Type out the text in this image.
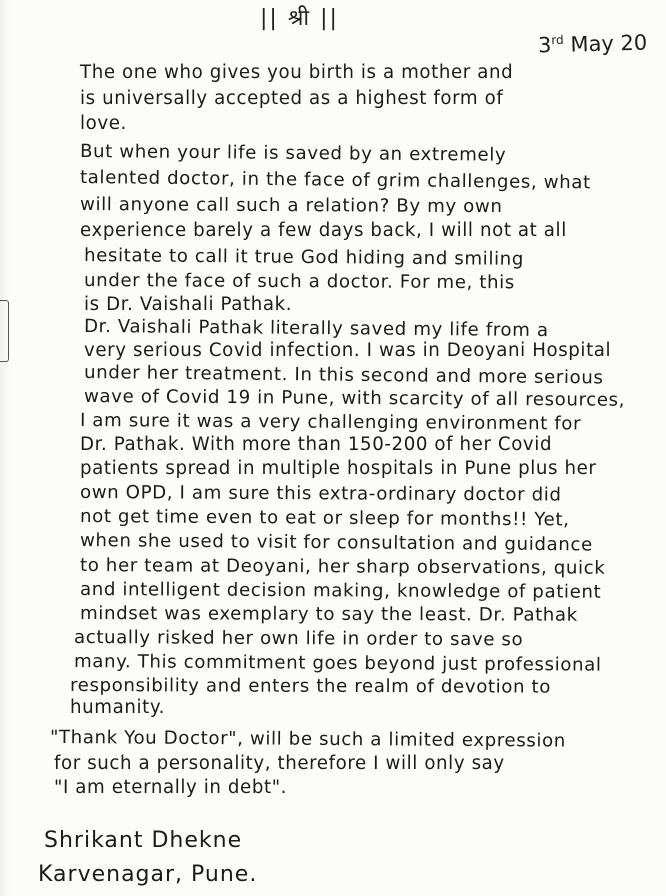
|| श्री ||
3rd May 20
The one who gives you birth is a mother and
is universally accepted as a highest form of
love.
But when your life is saved by an extremely
talented doctor, in the face of grim challenges, what
will anyone call such a relation? By my own
experience barely a few days back, I will not at all
hesitate to call it true God hiding and smiling
under the face of such a doctor. For me, this
is Dr. Vaishali Pathak.
Dr. Vaishali Pathak literally saved my life from a
very serious Covid infection. I was in Deoyani Hospital
under her treatment. In this second and more serious
wave of Covid 19 in Pune, with scarcity of all resources,
I am sure it was a very challenging environment for
Dr. Pathak. With more than 150-200 of her Covid
patients spread in multiple hospitals in Pune plus her
own OPD, I am sure this extra-ordinary doctor did
not get time even to eat or sleep for months!! Yet,
when she used to visit for consultation and guidance
to her team at Deoyani, her sharp observations, quick
and intelligent decision making, knowledge of patient
mindset was exemplary to say the least. Dr. Pathak
actually risked her own life in order to save so
many. This commitment goes beyond just professional
responsibility and enters the realm of devotion to
humanity.
"Thank You Doctor", will be such a limited expression
for such a personality, therefore I will only say
"I am eternally in debt".
Shrikant Dhekne
Karvenagar, Pune.
